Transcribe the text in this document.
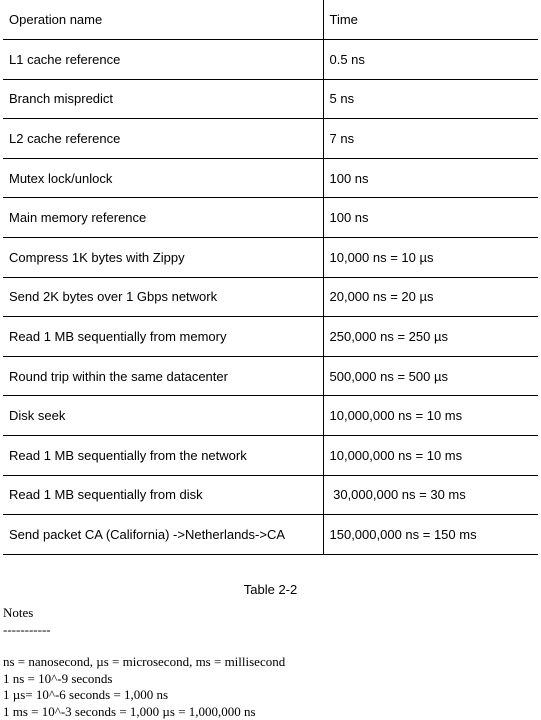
Operation name	Time
L1 cache reference	0.5 ns
Branch mispredict	5 ns
L2 cache reference	7 ns
Mutex lock/unlock	100 ns
Main memory reference	100 ns
Compress 1K bytes with Zippy	10,000 ns = 10 µs
Send 2K bytes over 1 Gbps network	20,000 ns = 20 µs
Read 1 MB sequentially from memory	250,000 ns = 250 µs
Round trip within the same datacenter	500,000 ns = 500 µs
Disk seek	10,000,000 ns = 10 ms
Read 1 MB sequentially from the network	10,000,000 ns = 10 ms
Read 1 MB sequentially from disk	30,000,000 ns = 30 ms
Send packet CA (California) ->Netherlands->CA	150,000,000 ns = 150 ms
Table 2-2
Notes
-----------
ns = nanosecond, µs = microsecond, ms = millisecond
1 ns = 10^-9 seconds
1 µs= 10^-6 seconds = 1,000 ns
1 ms = 10^-3 seconds = 1,000 µs = 1,000,000 ns
